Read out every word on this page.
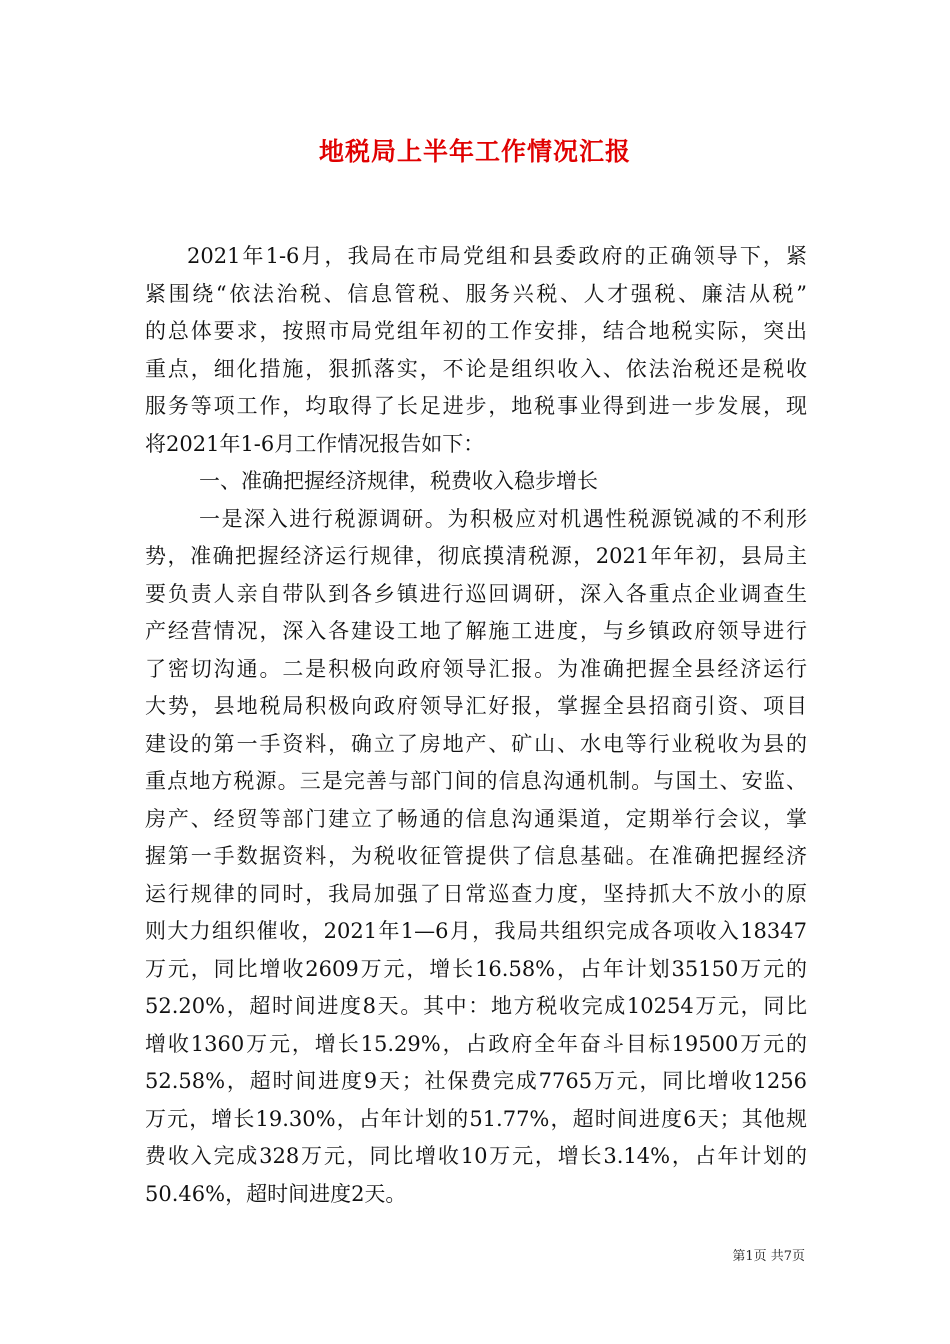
地税局上半年工作情况汇报
2021年1-6月，我局在市局党组和县委政府的正确领导下，紧
紧围绕“依法治税、信息管税、服务兴税、人才强税、廉洁从税”
的总体要求，按照市局党组年初的工作安排，结合地税实际，突出
重点，细化措施，狠抓落实，不论是组织收入、依法治税还是税收
服务等项工作，均取得了长足进步，地税事业得到进一步发展，现
将2021年1-6月工作情况报告如下：
一、准确把握经济规律，税费收入稳步增长
一是深入进行税源调研。为积极应对机遇性税源锐减的不利形
势，准确把握经济运行规律，彻底摸清税源，2021年年初，县局主
要负责人亲自带队到各乡镇进行巡回调研，深入各重点企业调查生
产经营情况，深入各建设工地了解施工进度，与乡镇政府领导进行
了密切沟通。二是积极向政府领导汇报。为准确把握全县经济运行
大势，县地税局积极向政府领导汇好报，掌握全县招商引资、项目
建设的第一手资料，确立了房地产、矿山、水电等行业税收为县的
重点地方税源。三是完善与部门间的信息沟通机制。与国土、安监、
房产、经贸等部门建立了畅通的信息沟通渠道，定期举行会议，掌
握第一手数据资料，为税收征管提供了信息基础。在准确把握经济
运行规律的同时，我局加强了日常巡查力度，坚持抓大不放小的原
则大力组织催收，2021年1—6月，我局共组织完成各项收入18347
万元，同比增收2609万元，增长16.58%，占年计划35150万元的
52.20%，超时间进度8天。其中：地方税收完成10254万元，同比
增收1360万元，增长15.29%，占政府全年奋斗目标19500万元的
52.58%，超时间进度9天；社保费完成7765万元，同比增收1256
万元，增长19.30%，占年计划的51.77%，超时间进度6天；其他规
费收入完成328万元，同比增收10万元，增长3.14%，占年计划的
50.46%，超时间进度2天。
第1页 共7页
